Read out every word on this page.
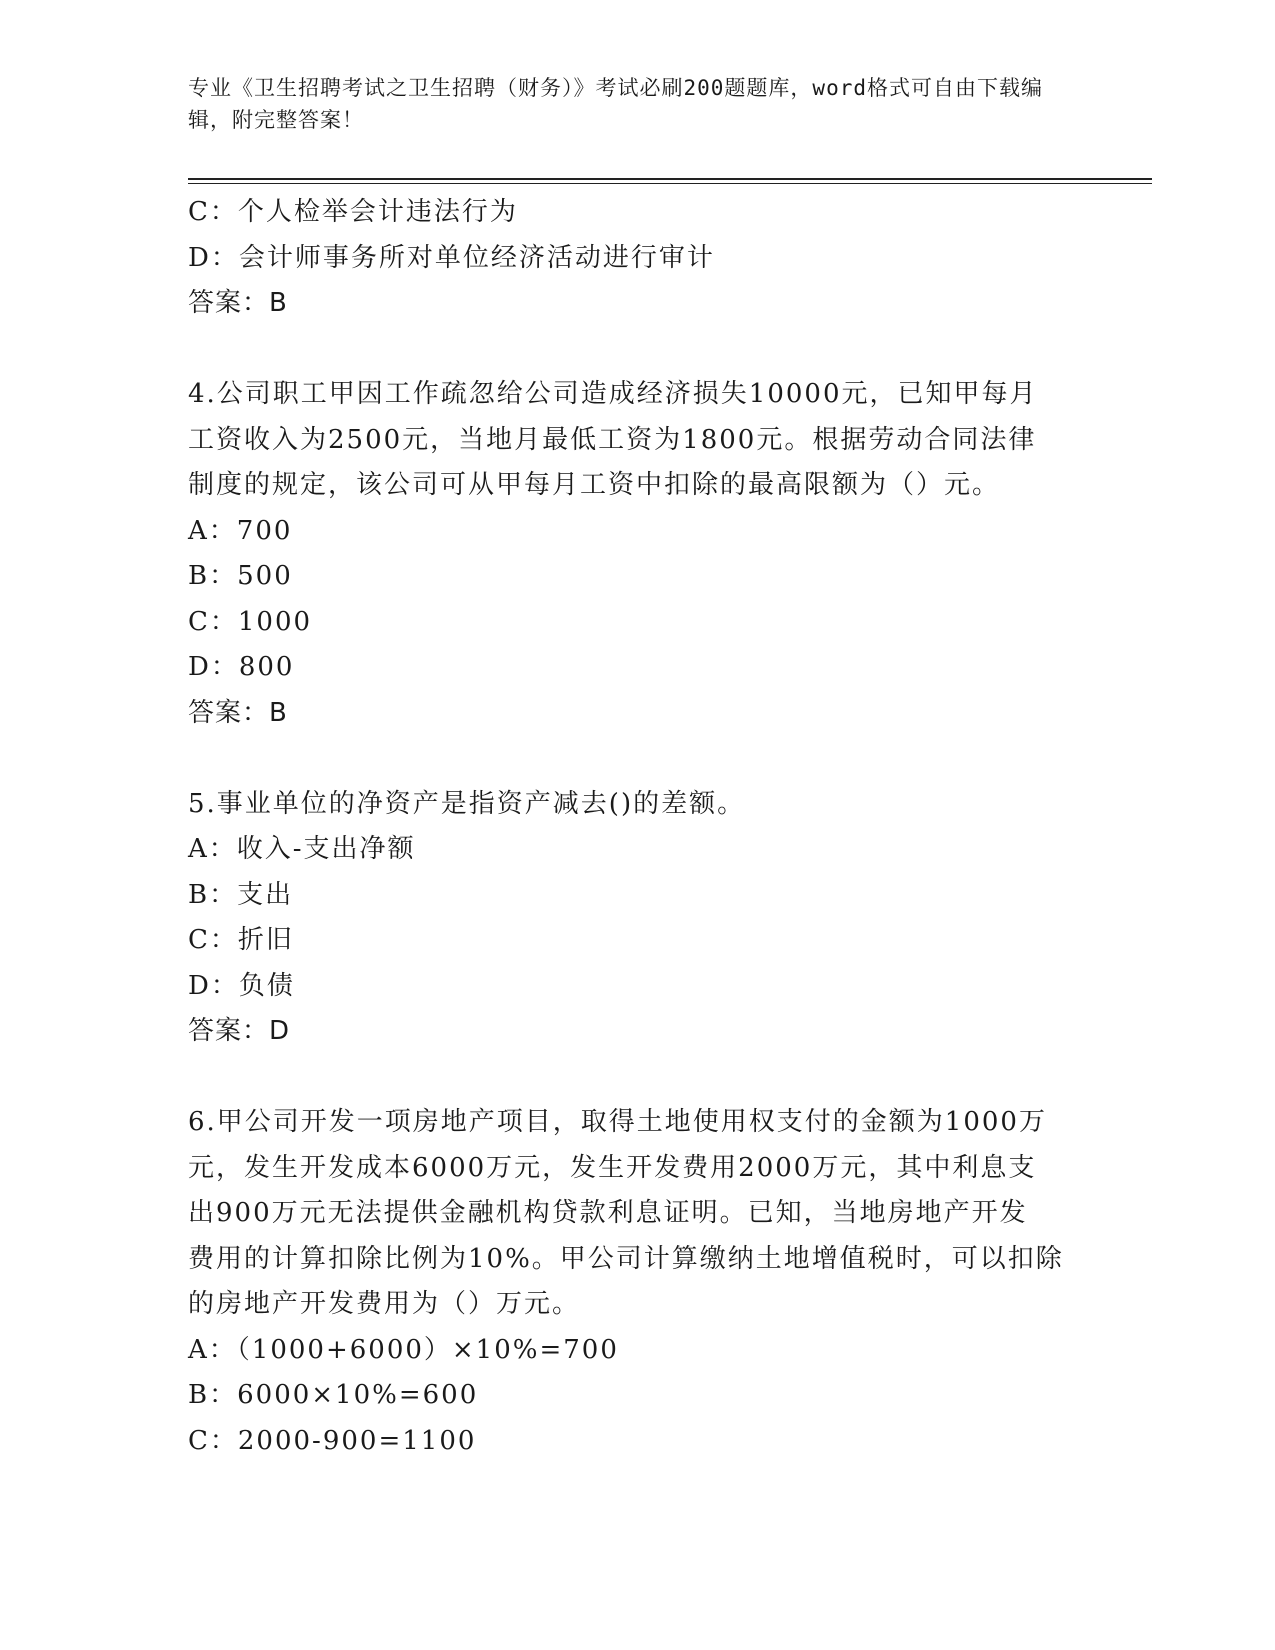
专业《卫生招聘考试之卫生招聘（财务）》考试必刷200题题库，word格式可自由下载编辑，附完整答案！
C：个人检举会计违法行为
D：会计师事务所对单位经济活动进行审计
答案：B
4.公司职工甲因工作疏忽给公司造成经济损失10000元，已知甲每月
工资收入为2500元，当地月最低工资为1800元。根据劳动合同法律
制度的规定，该公司可从甲每月工资中扣除的最高限额为（）元。
A：700
B：500
C：1000
D：800
答案：B
5.事业单位的净资产是指资产减去()的差额。
A：收入-支出净额
B：支出
C：折旧
D：负债
答案：D
6.甲公司开发一项房地产项目，取得土地使用权支付的金额为1000万
元，发生开发成本6000万元，发生开发费用2000万元，其中利息支
出900万元无法提供金融机构贷款利息证明。已知，当地房地产开发
费用的计算扣除比例为10%。甲公司计算缴纳土地增值税时，可以扣除
的房地产开发费用为（）万元。
A：（1000+6000）×10%=700
B：6000×10%=600
C：2000-900=1100
